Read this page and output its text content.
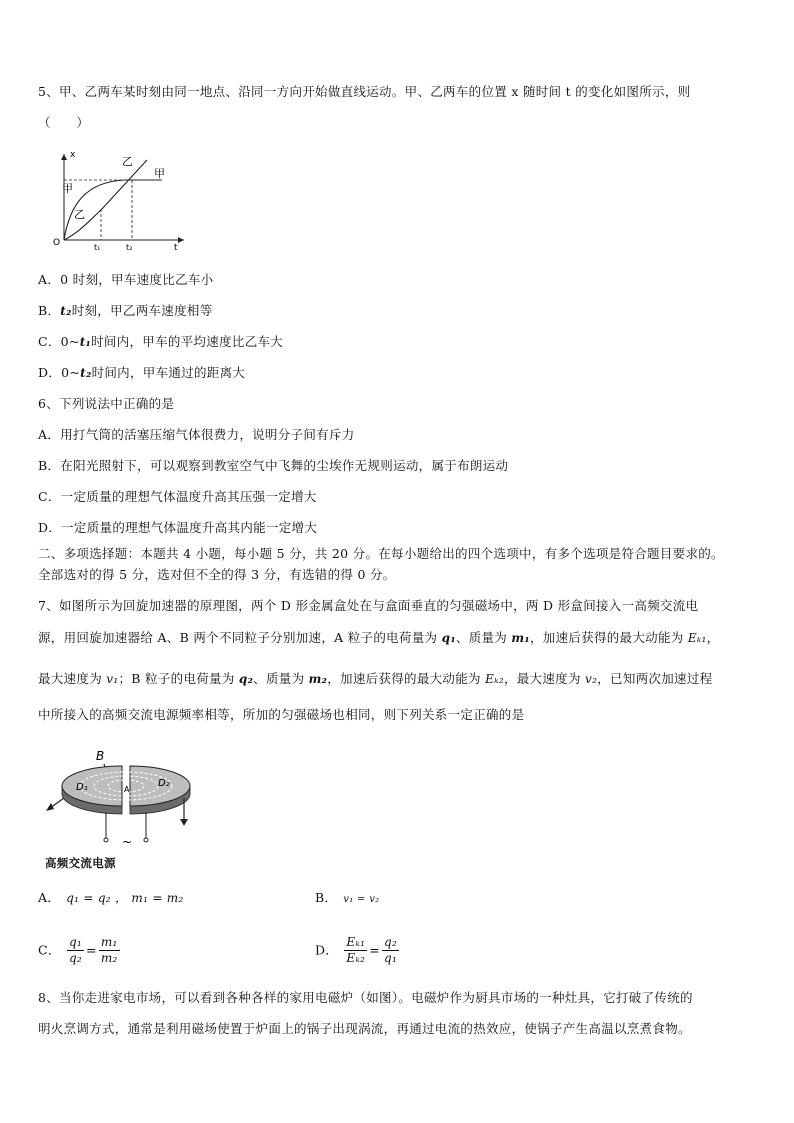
5、甲、乙两车某时刻由同一地点、沿同一方向开始做直线运动。甲、乙两车的位置 x 随时间 t 的变化如图所示，则
（　　）
x
t
O	t₁	t₂
乙
甲
甲
乙
A．0 时刻，甲车速度比乙车小
B．t₂时刻，甲乙两车速度相等
C．0~t₁时间内，甲车的平均速度比乙车大
D．0~t₂时间内，甲车通过的距离大
6、下列说法中正确的是
A．用打气筒的活塞压缩气体很费力，说明分子间有斥力
B．在阳光照射下，可以观察到教室空气中飞舞的尘埃作无规则运动，属于布朗运动
C．一定质量的理想气体温度升高其压强一定增大
D．一定质量的理想气体温度升高其内能一定增大
二、多项选择题：本题共 4 小题，每小题 5 分，共 20 分。在每小题给出的四个选项中，有多个选项是符合题目要求的。
全部选对的得 5 分，选对但不全的得 3 分，有选错的得 0 分。
7、如图所示为回旋加速器的原理图，两个 D 形金属盒处在与盒面垂直的匀强磁场中，两 D 形盒间接入一高频交流电
源，用回旋加速器给 A、B 两个不同粒子分别加速，A 粒子的电荷量为 q₁、质量为 m₁，加速后获得的最大动能为 Eₖ₁，
最大速度为 v₁；B 粒子的电荷量为 q₂、质量为 m₂，加速后获得的最大动能为 Eₖ₂，最大速度为 v₂，已知两次加速过程
中所接入的高频交流电源频率相等，所加的匀强磁场也相同，则下列关系一定正确的是
B
D₁	D₂
A
~
高频交流电源
A． q₁ = q₂ ， m₁ = m₂	B． v₁ = v₂
C． $\frac{\text{q₁}}{\text{q₂}} = \frac{\text{m₁}}{\text{m₂}}$	D． $\frac{\text{Eₖ₁}}{\text{Eₖ₂}} = \frac{\text{q₂}}{\text{q₁}}$
8、当你走进家电市场，可以看到各种各样的家用电磁炉（如图）。电磁炉作为厨具市场的一种灶具，它打破了传统的
明火烹调方式，通常是利用磁场使置于炉面上的锅子出现涡流，再通过电流的热效应，使锅子产生高温以烹煮食物。
